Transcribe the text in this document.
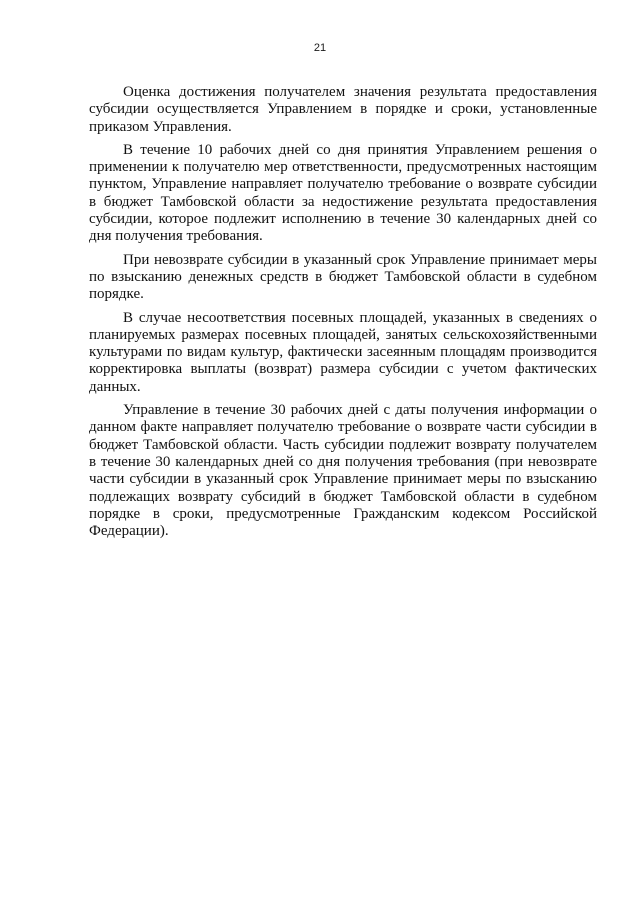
21

Оценка достижения получателем значения результата предоставления субсидии осуществляется Управлением в порядке и сроки, установленные приказом Управления.

В течение 10 рабочих дней со дня принятия Управлением решения о применении к получателю мер ответственности, предусмотренных настоящим пунктом, Управление направляет получателю требование о возврате субсидии в бюджет Тамбовской области за недостижение результата предоставления субсидии, которое подлежит исполнению в течение 30 календарных дней со дня получения требования.

При невозврате субсидии в указанный срок Управление принимает меры по взысканию денежных средств в бюджет Тамбовской области в судебном порядке.

В случае несоответствия посевных площадей, указанных в сведениях о планируемых размерах посевных площадей, занятых сельскохозяйственными культурами по видам культур, фактически засеянным площадям производится корректировка выплаты (возврат) размера субсидии с учетом фактических данных.

Управление в течение 30 рабочих дней с даты получения информации о данном факте направляет получателю требование о возврате части субсидии в бюджет Тамбовской области. Часть субсидии подлежит возврату получателем в течение 30 календарных дней со дня получения требования (при невозврате части субсидии в указанный срок Управление принимает меры по взысканию подлежащих возврату субсидий в бюджет Тамбовской области в судебном порядке в сроки, предусмотренные Гражданским кодексом Российской Федерации).
